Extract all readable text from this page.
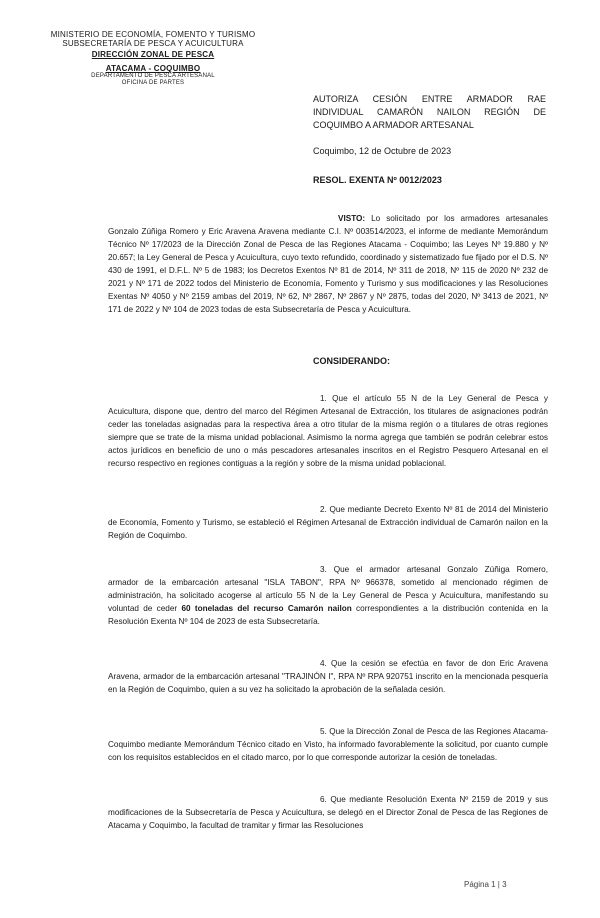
MINISTERIO DE ECONOMÍA, FOMENTO Y TURISMO
SUBSECRETARÍA DE PESCA Y ACUICULTURA
DIRECCIÓN ZONAL DE PESCA
ATACAMA - COQUIMBO
DEPARTAMENTO DE PESCA ARTESANAL
OFICINA DE PARTES
AUTORIZA CESIÓN ENTRE ARMADOR RAE INDIVIDUAL CAMARÓN NAILON REGIÓN DE COQUIMBO A ARMADOR ARTESANAL
Coquimbo, 12 de Octubre de 2023
RESOL. EXENTA Nº 0012/2023
VISTO: Lo solicitado por los armadores artesanales Gonzalo Zúñiga Romero y Eric Aravena Aravena mediante C.I. Nº 003514/2023, el informe de mediante Memorándum Técnico Nº 17/2023 de la Dirección Zonal de Pesca de las Regiones Atacama - Coquimbo; las Leyes Nº 19.880 y Nº 20.657; la Ley General de Pesca y Acuicultura, cuyo texto refundido, coordinado y sistematizado fue fijado por el D.S. Nº 430 de 1991, el D.F.L. Nº 5 de 1983; los Decretos Exentos Nº 81 de 2014, Nº 311 de 2018, Nº 115 de 2020 Nº 232 de 2021 y Nº 171 de 2022 todos del Ministerio de Economía, Fomento y Turismo y sus modificaciones y las Resoluciones Exentas Nº 4050 y Nº 2159 ambas del 2019, Nº 62, Nº 2867, Nº 2867 y Nº 2875, todas del 2020, Nº 3413 de 2021, Nº 171 de 2022 y Nº 104 de 2023 todas de esta Subsecretaría de Pesca y Acuicultura.
CONSIDERANDO:
1. Que el artículo 55 N de la Ley General de Pesca y Acuicultura, dispone que, dentro del marco del Régimen Artesanal de Extracción, los titulares de asignaciones podrán ceder las toneladas asignadas para la respectiva área a otro titular de la misma región o a titulares de otras regiones siempre que se trate de la misma unidad poblacional. Asimismo la norma agrega que también se podrán celebrar estos actos jurídicos en beneficio de uno o más pescadores artesanales inscritos en el Registro Pesquero Artesanal en el recurso respectivo en regiones contiguas a la región y sobre de la misma unidad poblacional.
2. Que mediante Decreto Exento Nº 81 de 2014 del Ministerio de Economía, Fomento y Turismo, se estableció el Régimen Artesanal de Extracción individual de Camarón nailon en la Región de Coquimbo.
3. Que el armador artesanal Gonzalo Zúñiga Romero, armador de la embarcación artesanal "ISLA TABON", RPA Nº 966378, sometido al mencionado régimen de administración, ha solicitado acogerse al artículo 55 N de la Ley General de Pesca y Acuicultura, manifestando su voluntad de ceder 60 toneladas del recurso Camarón nailon correspondientes a la distribución contenida en la Resolución Exenta Nº 104 de 2023 de esta Subsecretaría.
4. Que la cesión se efectúa en favor de don Eric Aravena Aravena, armador de la embarcación artesanal "TRAJINÓN I", RPA Nº RPA 920751 inscrito en la mencionada pesquería en la Región de Coquimbo, quien a su vez ha solicitado la aprobación de la señalada cesión.
5. Que la Dirección Zonal de Pesca de las Regiones Atacama-Coquimbo mediante Memorándum Técnico citado en Visto, ha informado favorablemente la solicitud, por cuanto cumple con los requisitos establecidos en el citado marco, por lo que corresponde autorizar la cesión de toneladas.
6. Que mediante Resolución Exenta Nº 2159 de 2019 y sus modificaciones de la Subsecretaría de Pesca y Acuicultura, se delegó en el Director Zonal de Pesca de las Regiones de Atacama y Coquimbo, la facultad de tramitar y firmar las Resoluciones
Página 1 | 3
